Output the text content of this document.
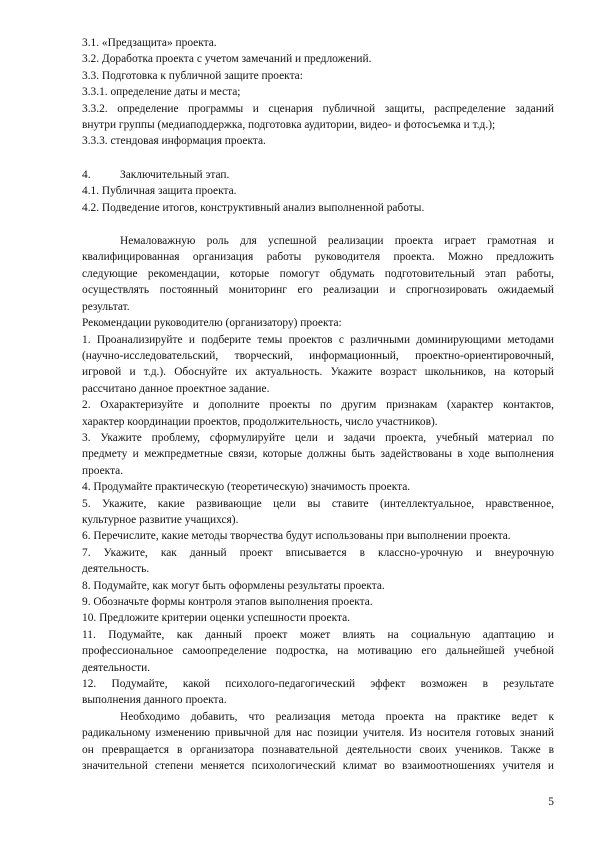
3.1. «Предзащита» проекта.

3.2. Доработка проекта с учетом замечаний и предложений.

3.3. Подготовка к публичной защите проекта:

3.3.1. определение даты и места;

3.3.2. определение программы и сценария публичной защиты, распределение заданий

внутри группы (медиаподдержка, подготовка аудитории, видео- и фотосъемка и т.д.);

3.3.3. стендовая информация проекта.

4.	Заключительный этап.

4.1. Публичная защита проекта.

4.2. Подведение итогов, конструктивный анализ выполненной работы.

Немаловажную роль для успешной реализации проекта играет грамотная и

квалифицированная организация работы руководителя проекта. Можно предложить

следующие рекомендации, которые помогут обдумать подготовительный этап работы,

осуществлять постоянный мониторинг его реализации и спрогнозировать ожидаемый

результат.

Рекомендации руководителю (организатору) проекта:

1. Проанализируйте и подберите темы проектов с различными доминирующими методами

(научно-исследовательский, творческий, информационный, проектно-ориентировочный,

игровой и т.д.). Обоснуйте их актуальность. Укажите возраст школьников, на который

рассчитано данное проектное задание.

2. Охарактеризуйте и дополните проекты по другим признакам (характер контактов,

характер координации проектов, продолжительность, число участников).

3. Укажите проблему, сформулируйте цели и задачи проекта, учебный материал по

предмету и межпредметные связи, которые должны быть задействованы в ходе выполнения

проекта.

4. Продумайте практическую (теоретическую) значимость проекта.

5. Укажите, какие развивающие цели вы ставите (интеллектуальное, нравственное,

культурное развитие учащихся).

6. Перечислите, какие методы творчества будут использованы при выполнении проекта.

7. Укажите, как данный проект вписывается в классно-урочную и внеурочную

деятельность.

8. Подумайте, как могут быть оформлены результаты проекта.

9. Обозначьте формы контроля этапов выполнения проекта.

10. Предложите критерии оценки успешности проекта.

11. Подумайте, как данный проект может влиять на социальную адаптацию и

профессиональное самоопределение подростка, на мотивацию его дальнейшей учебной

деятельности.

12. Подумайте, какой психолого-педагогический эффект возможен в результате

выполнения данного проекта.

Необходимо добавить, что реализация метода проекта на практике ведет к

радикальному изменению привычной для нас позиции учителя. Из носителя готовых знаний

он превращается в организатора познавательной деятельности своих учеников. Также в

значительной степени меняется психологический климат во взаимоотношениях учителя и

5
